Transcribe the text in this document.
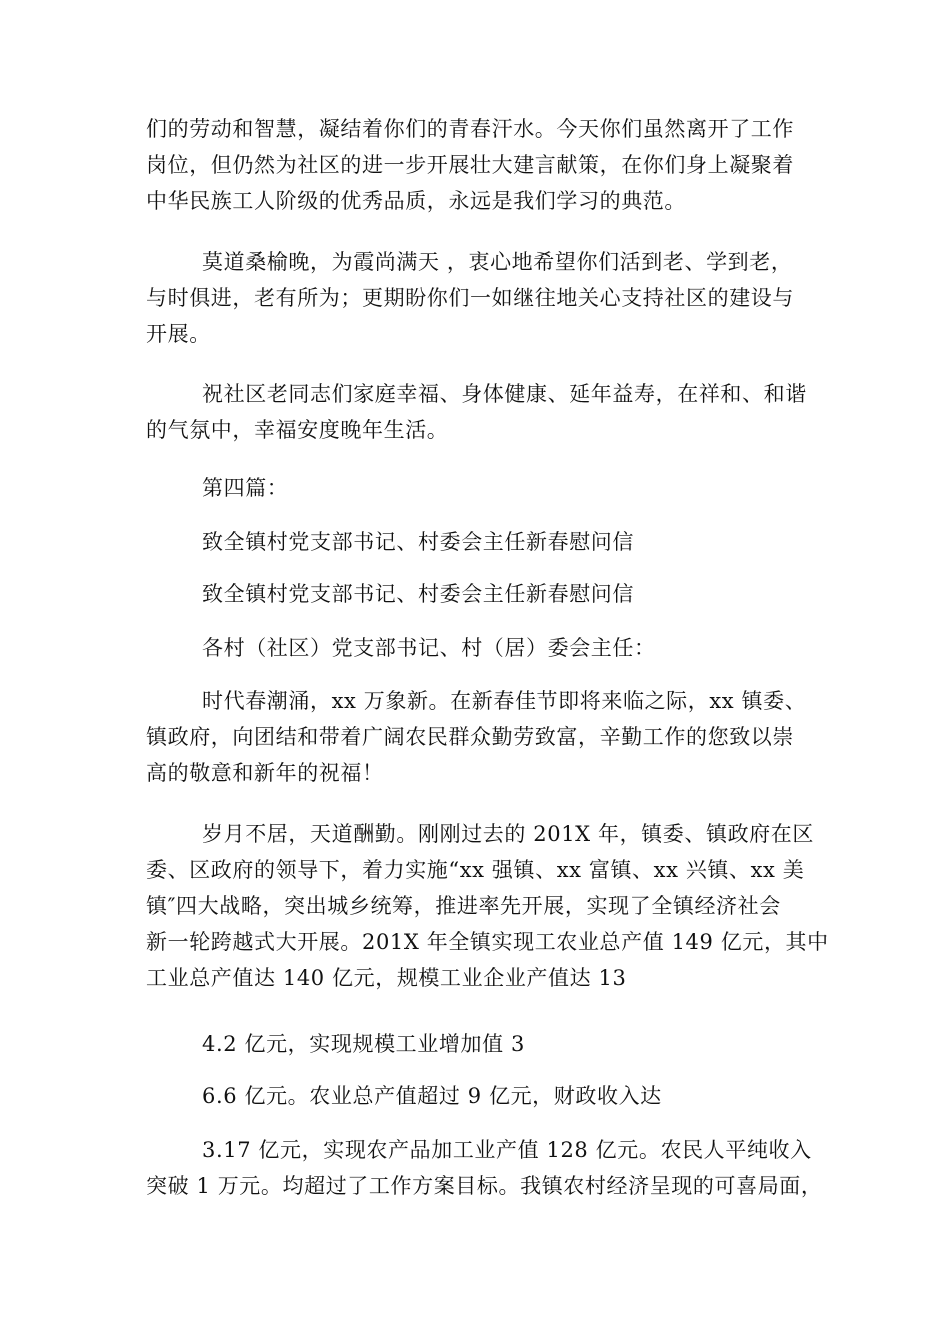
们的劳动和智慧，凝结着你们的青春汗水。今天你们虽然离开了工作
岗位，但仍然为社区的进一步开展壮大建言献策，在你们身上凝聚着
中华民族工人阶级的优秀品质，永远是我们学习的典范。

莫道桑榆晚，为霞尚满天 ，衷心地希望你们活到老、学到老，
与时俱进，老有所为；更期盼你们一如继往地关心支持社区的建设与
开展。

祝社区老同志们家庭幸福、身体健康、延年益寿，在祥和、和谐
的气氛中，幸福安度晚年生活。

第四篇：

致全镇村党支部书记、村委会主任新春慰问信

致全镇村党支部书记、村委会主任新春慰问信

各村（社区）党支部书记、村（居）委会主任：

时代春潮涌，xx 万象新。在新春佳节即将来临之际，xx 镇委、
镇政府，向团结和带着广阔农民群众勤劳致富，辛勤工作的您致以崇
高的敬意和新年的祝福！

岁月不居，天道酬勤。刚刚过去的 201X 年，镇委、镇政府在区
委、区政府的领导下，着力实施“xx 强镇、xx 富镇、xx 兴镇、xx 美
镇″四大战略，突出城乡统筹，推进率先开展，实现了全镇经济社会
新一轮跨越式大开展。201X 年全镇实现工农业总产值 149 亿元，其中
工业总产值达 140 亿元，规模工业企业产值达 13

4.2 亿元，实现规模工业增加值 3

6.6 亿元。农业总产值超过 9 亿元，财政收入达

3.17 亿元，实现农产品加工业产值 128 亿元。农民人平纯收入
突破 1 万元。均超过了工作方案目标。我镇农村经济呈现的可喜局面，
